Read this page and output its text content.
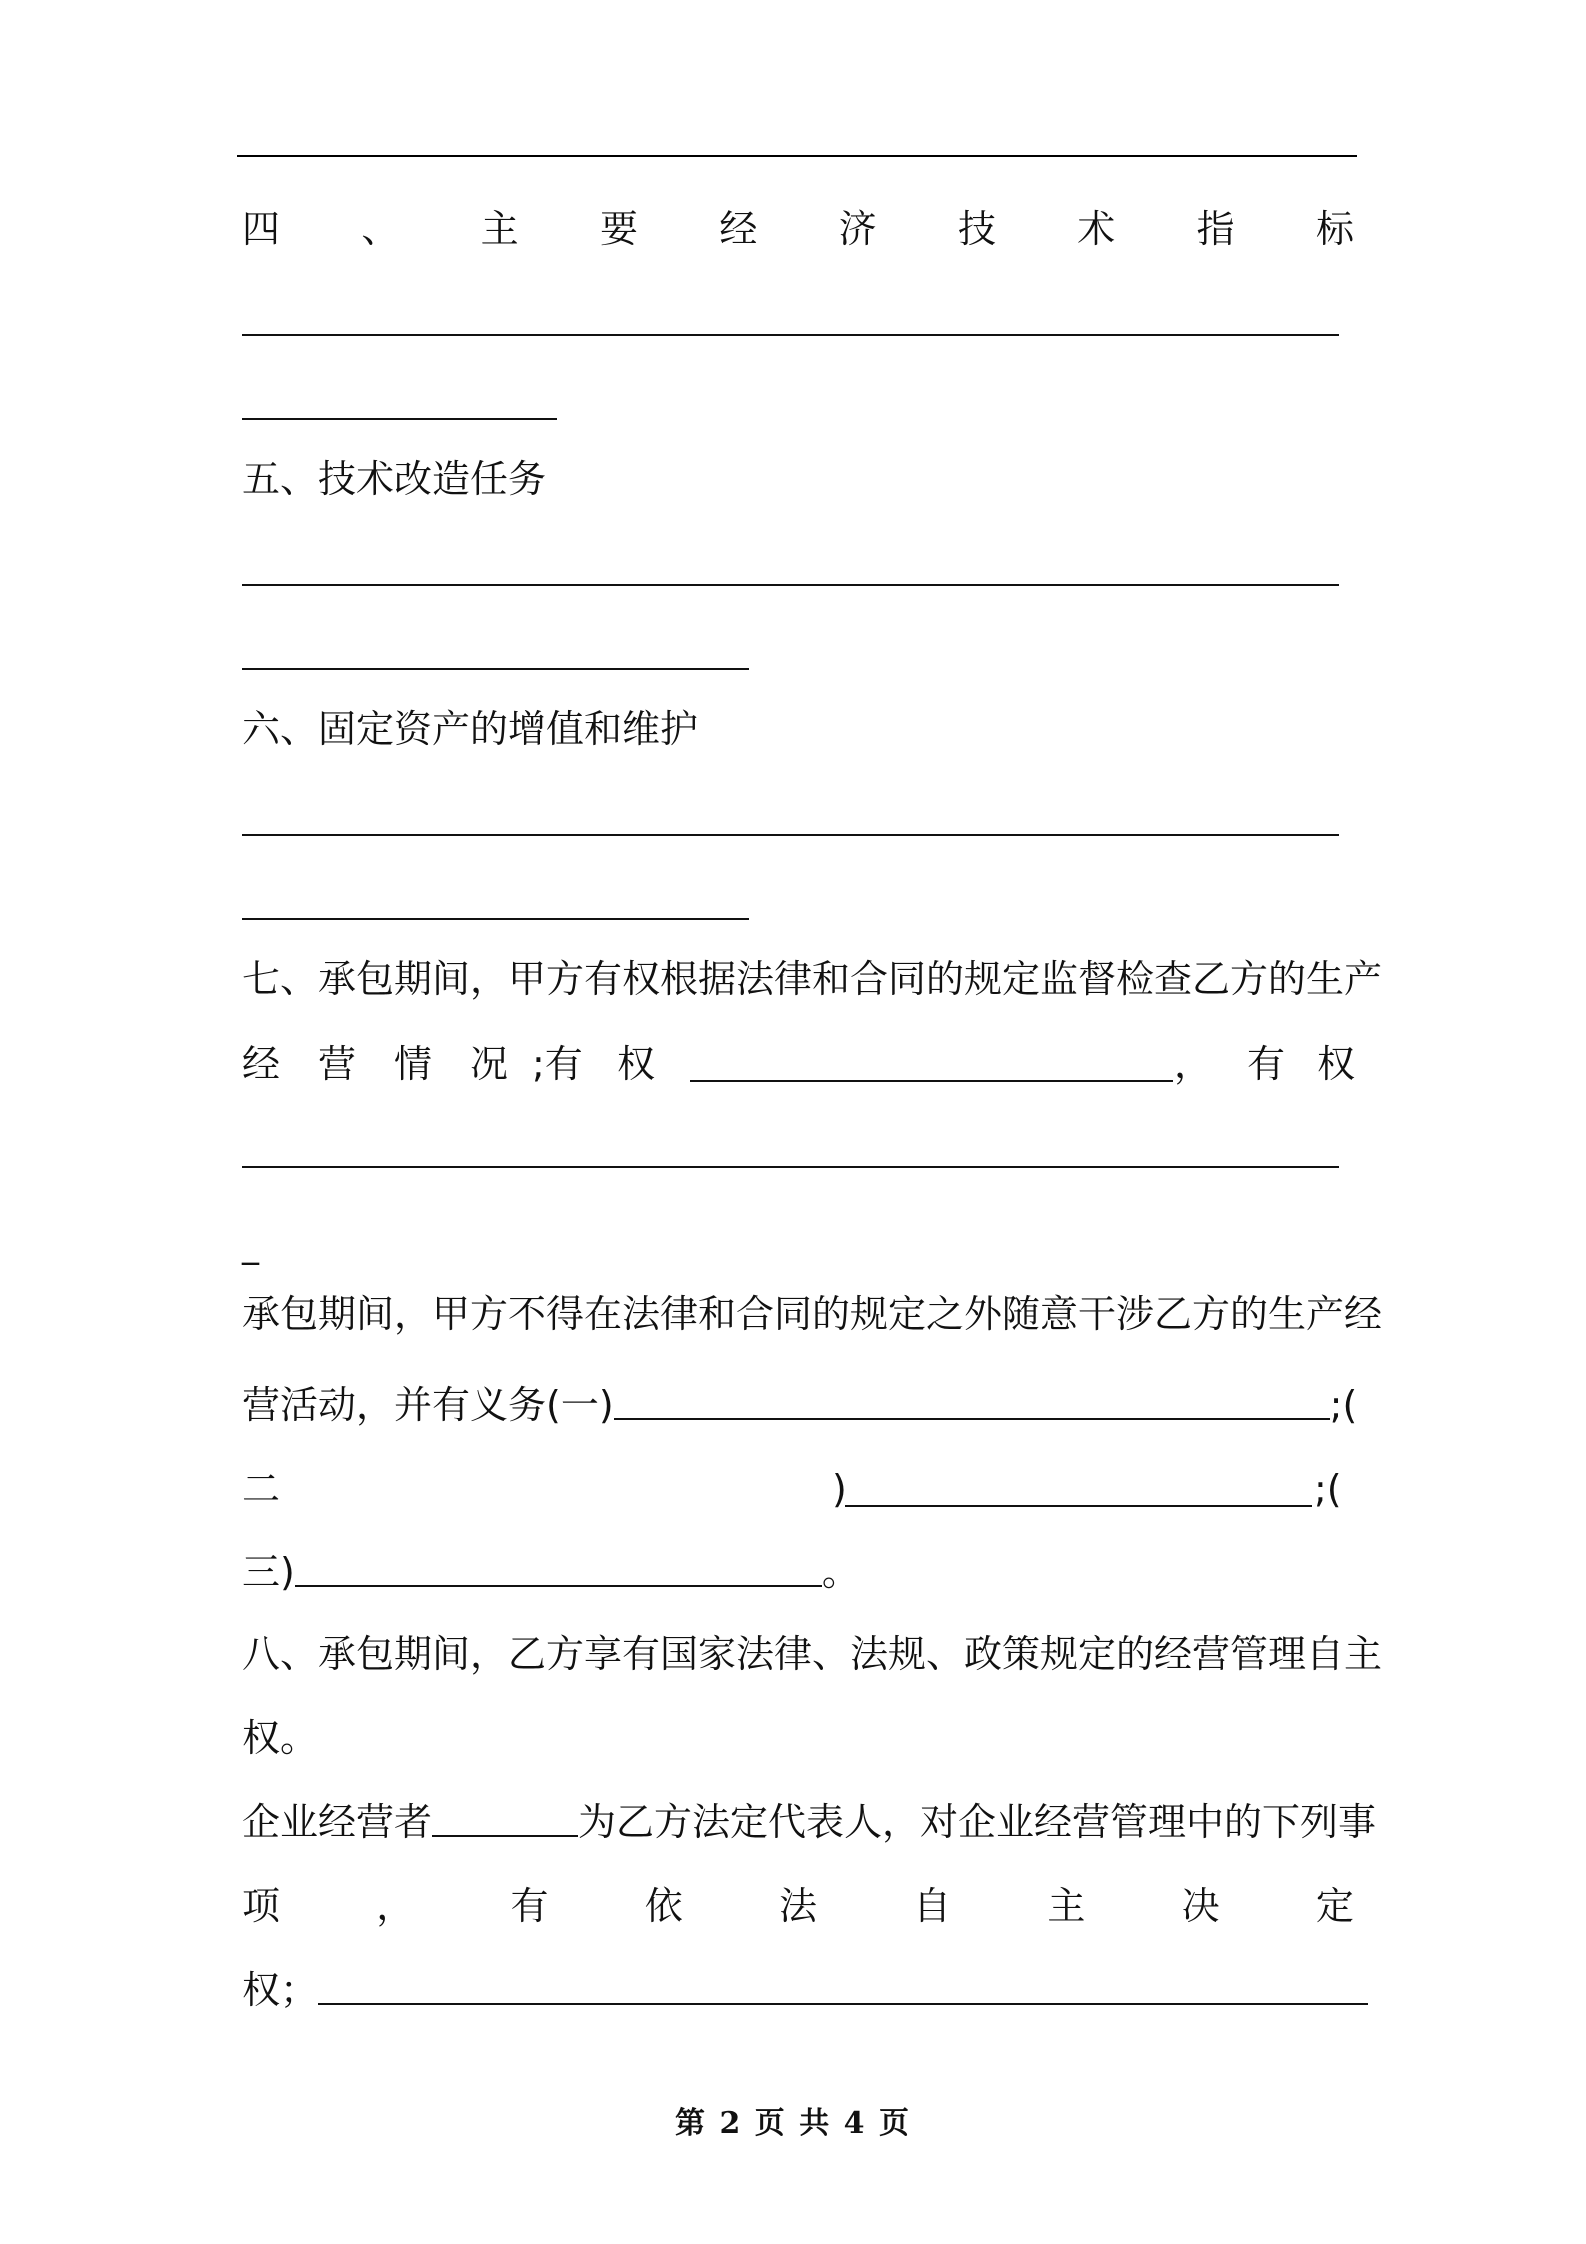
四 、 主 要 经 济 技 术 指 标
五、技术改造任务
六、固定资产的增值和维护
七、承包期间，甲方有权根据法律和合同的规定监督检查乙方的生产
经 营 情 况 ;有 权	， 有 权
_
承包期间，甲方不得在法律和合同的规定之外随意干涉乙方的生产经
营活动，并有义务(一)	;(
二	)	;(
三)	。
八、承包期间，乙方享有国家法律、法规、政策规定的经营管理自主
权。
企业经营者	为乙方法定代表人，对企业经营管理中的下列事
项	，	有	依	法	自	主	决	定
权；
第 2 页 共 4 页
